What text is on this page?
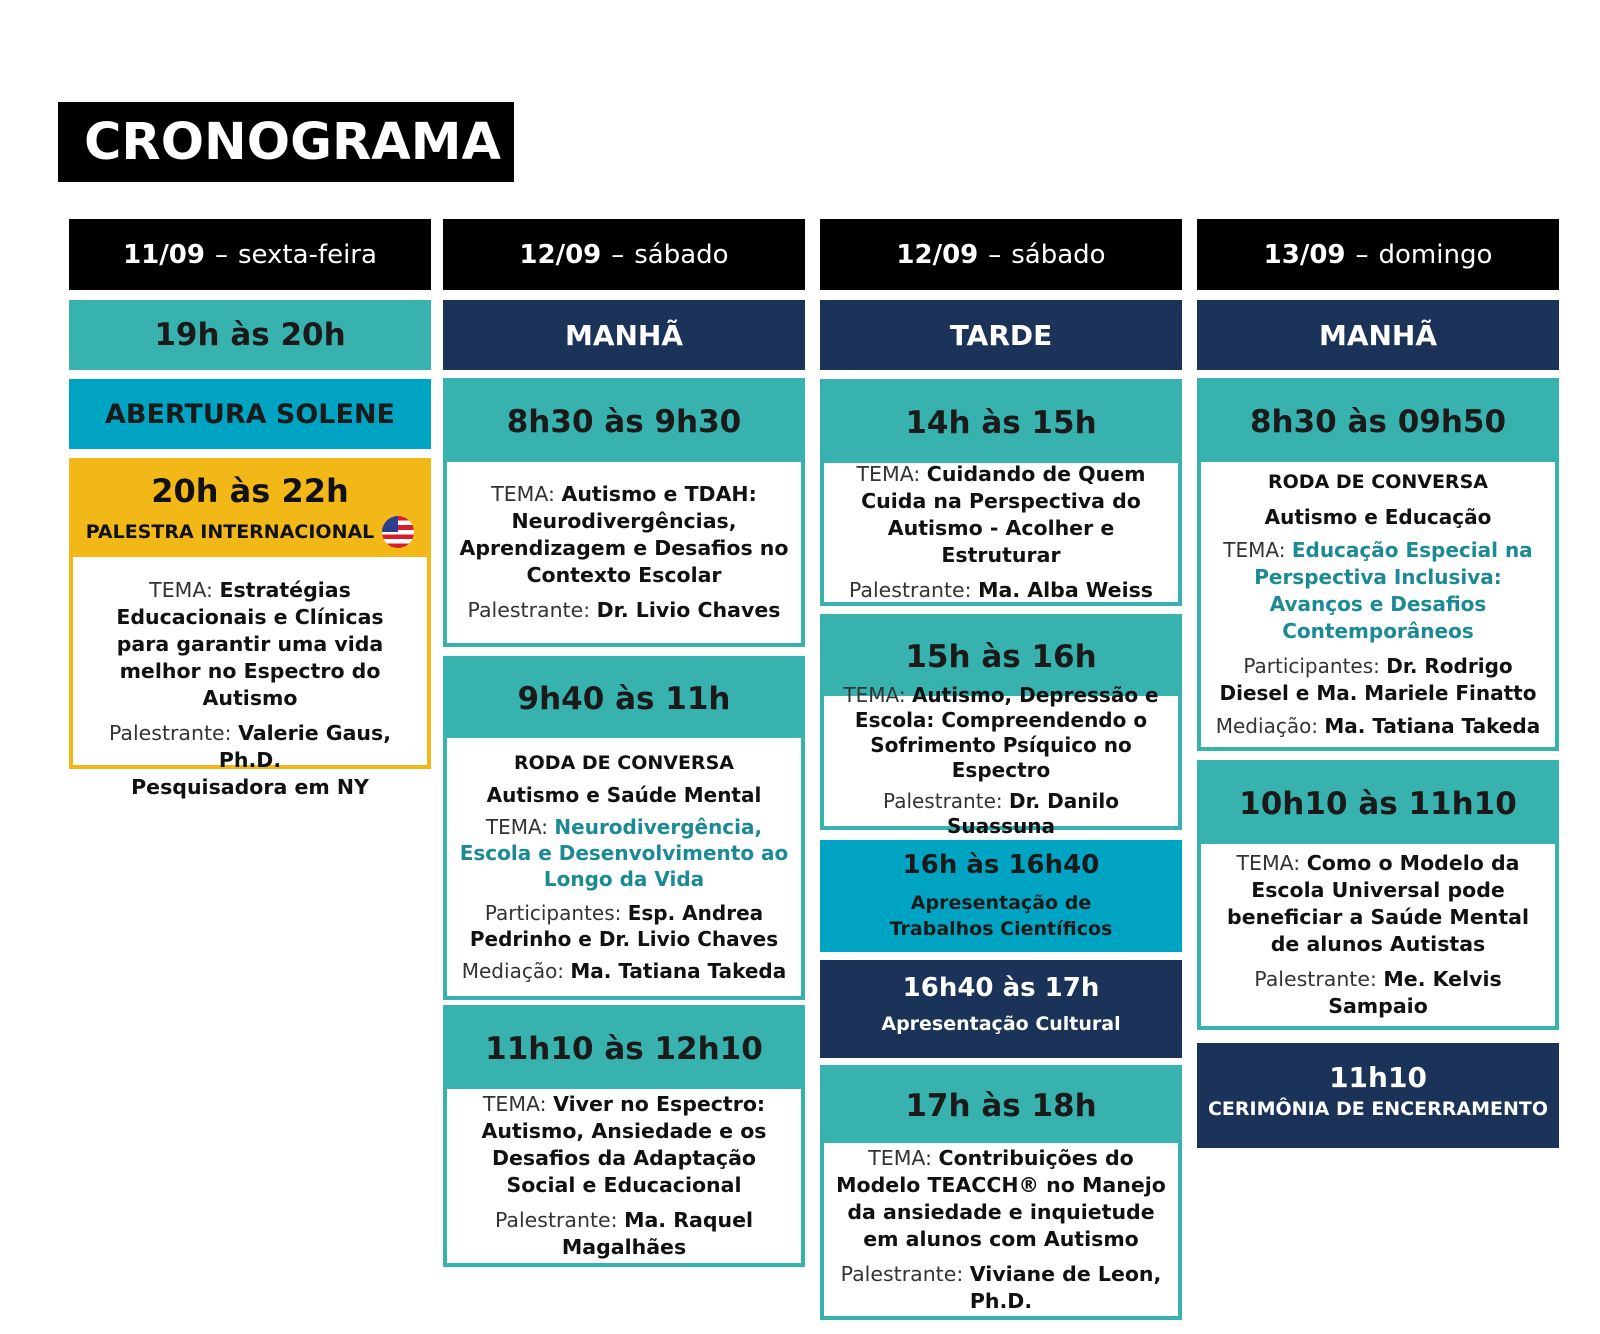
CRONOGRAMA
11/09 – sexta-feira	12/09 – sábado	12/09 – sábado	13/09 – domingo
19h às 20h	MANHÃ	TARDE	MANHÃ
ABERTURA SOLENE
20h às 22h
PALESTRA INTERNACIONAL
TEMA: Estratégias Educacionais e Clínicas para garantir uma vida melhor no Espectro do Autismo
Palestrante: Valerie Gaus, Ph.D.
Pesquisadora em NY
8h30 às 9h30
TEMA: Autismo e TDAH: Neurodivergências, Aprendizagem e Desafios no Contexto Escolar
Palestrante: Dr. Livio Chaves
9h40 às 11h
RODA DE CONVERSA
Autismo e Saúde Mental
TEMA: Neurodivergência, Escola e Desenvolvimento ao Longo da Vida
Participantes: Esp. Andrea Pedrinho e Dr. Livio Chaves
Mediação: Ma. Tatiana Takeda
11h10 às 12h10
TEMA: Viver no Espectro: Autismo, Ansiedade e os Desafios da Adaptação Social e Educacional
Palestrante: Ma. Raquel Magalhães
14h às 15h
TEMA: Cuidando de Quem Cuida na Perspectiva do Autismo - Acolher e Estruturar
Palestrante: Ma. Alba Weiss
15h às 16h
TEMA: Autismo, Depressão e Escola: Compreendendo o Sofrimento Psíquico no Espectro
Palestrante: Dr. Danilo Suassuna
16h às 16h40
Apresentação de Trabalhos Científicos
16h40 às 17h
Apresentação Cultural
17h às 18h
TEMA: Contribuições do Modelo TEACCH® no Manejo da ansiedade e inquietude em alunos com Autismo
Palestrante: Viviane de Leon, Ph.D.
8h30 às 09h50
RODA DE CONVERSA
Autismo e Educação
TEMA: Educação Especial na Perspectiva Inclusiva: Avanços e Desafios Contemporâneos
Participantes: Dr. Rodrigo Diesel e Ma. Mariele Finatto
Mediação: Ma. Tatiana Takeda
10h10 às 11h10
TEMA: Como o Modelo da Escola Universal pode beneficiar a Saúde Mental de alunos Autistas
Palestrante: Me. Kelvis Sampaio
11h10
CERIMÔNIA DE ENCERRAMENTO
